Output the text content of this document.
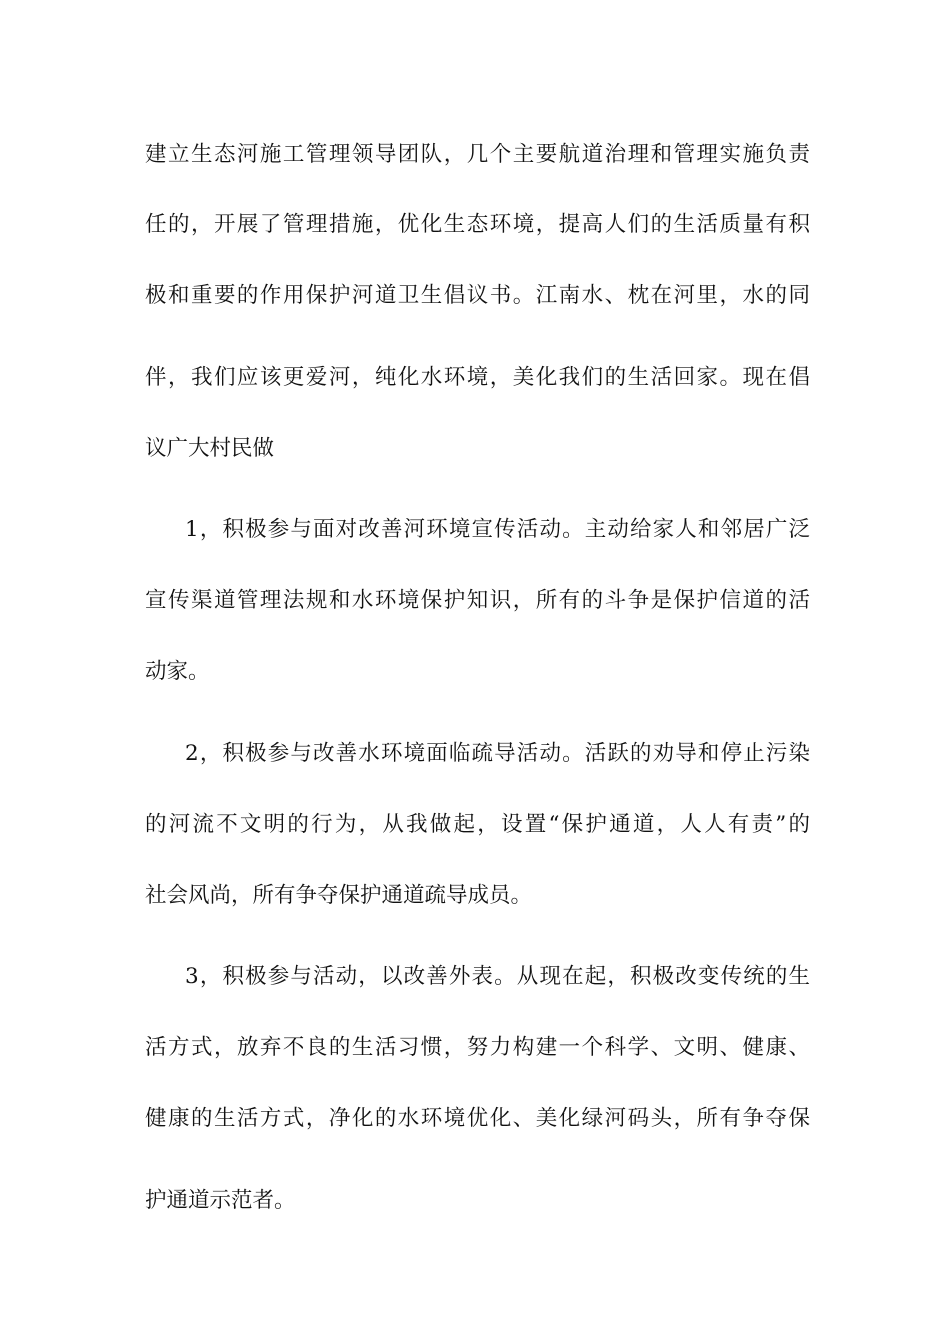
建立生态河施工管理领导团队，几个主要航道治理和管理实施负责

任的，开展了管理措施，优化生态环境，提高人们的生活质量有积

极和重要的作用保护河道卫生倡议书。江南水、枕在河里，水的同

伴，我们应该更爱河，纯化水环境，美化我们的生活回家。现在倡

议广大村民做

1，积极参与面对改善河环境宣传活动。主动给家人和邻居广泛

宣传渠道管理法规和水环境保护知识，所有的斗争是保护信道的活

动家。

2，积极参与改善水环境面临疏导活动。活跃的劝导和停止污染

的河流不文明的行为，从我做起，设置“保护通道，人人有责”的

社会风尚，所有争夺保护通道疏导成员。

3，积极参与活动，以改善外表。从现在起，积极改变传统的生

活方式，放弃不良的生活习惯，努力构建一个科学、文明、健康、

健康的生活方式，净化的水环境优化、美化绿河码头，所有争夺保

护通道示范者。
